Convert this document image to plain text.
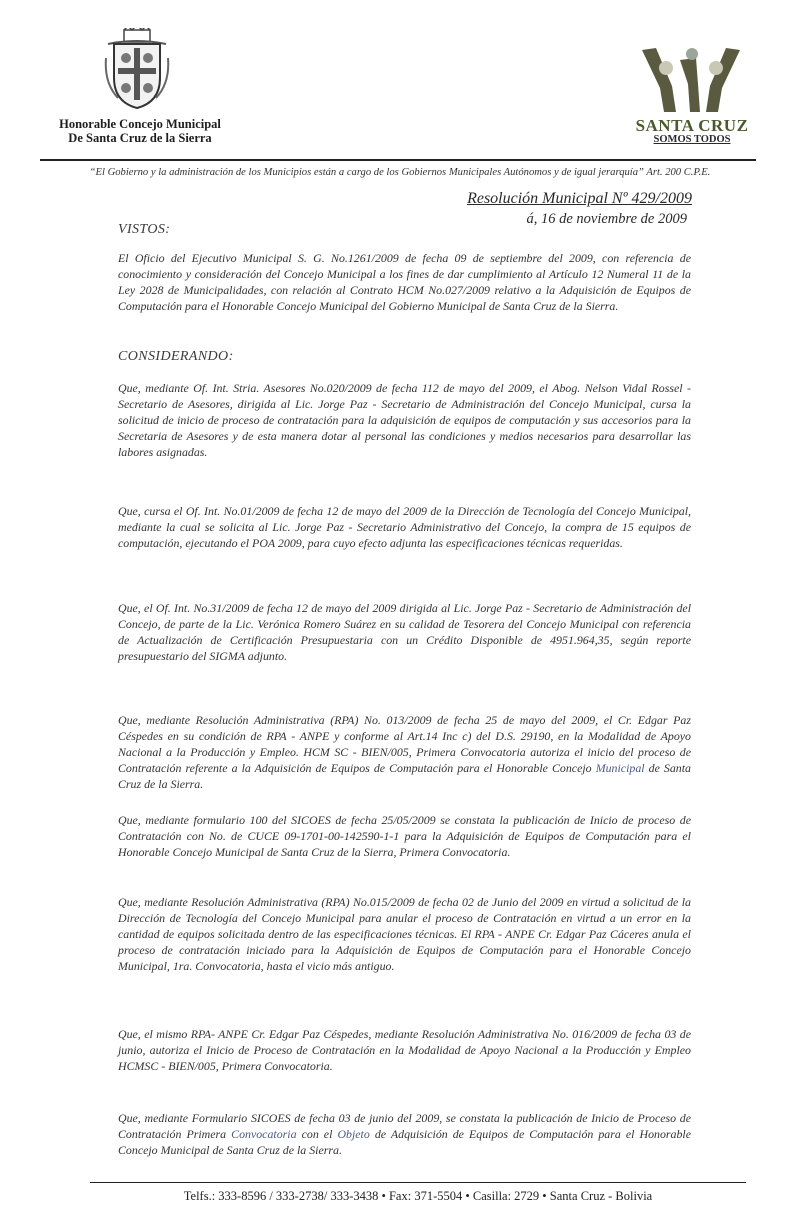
Honorable Concejo Municipal
De Santa Cruz de la Sierra
SANTA CRUZ
SOMOS TODOS
“El Gobierno y la administración de los Municipios están a cargo de los Gobiernos Municipales Autónomos y de igual jerarquía” Art. 200 C.P.E.
Resolución Municipal Nº 429/2009
á, 16 de noviembre de 2009
VISTOS:
El Oficio del Ejecutivo Municipal S. G. No.1261/2009 de fecha 09 de septiembre del 2009, con referencia de conocimiento y consideración del Concejo Municipal a los fines de dar cumplimiento al Artículo 12 Numeral 11 de la Ley 2028 de Municipalidades, con relación al Contrato HCM No.027/2009 relativo a la Adquisición de Equipos de Computación para el Honorable Concejo Municipal del Gobierno Municipal de Santa Cruz de la Sierra.
CONSIDERANDO:
Que, mediante Of. Int. Stria. Asesores No.020/2009 de fecha 112 de mayo del 2009, el Abog. Nelson Vidal Rossel - Secretario de Asesores, dirigida al Lic. Jorge Paz - Secretario de Administración del Concejo Municipal, cursa la solicitud de inicio de proceso de contratación para la adquisición de equipos de computación y sus accesorios para la Secretaria de Asesores y de esta manera dotar al personal las condiciones y medios necesarios para desarrollar las labores asignadas.
Que, cursa el Of. Int. No.01/2009 de fecha 12 de mayo del 2009 de la Dirección de Tecnología del Concejo Municipal, mediante la cual se solicita al Lic. Jorge Paz - Secretario Administrativo del Concejo, la compra de 15 equipos de computación, ejecutando el POA 2009, para cuyo efecto adjunta las especificaciones técnicas requeridas.
Que, el Of. Int. No.31/2009 de fecha 12 de mayo del 2009 dirigida al Lic. Jorge Paz - Secretario de Administración del Concejo, de parte de la Lic. Verónica Romero Suárez en su calidad de Tesorera del Concejo Municipal con referencia de Actualización de Certificación Presupuestaria con un Crédito Disponible de 4951.964,35, según reporte presupuestario del SIGMA adjunto.
Que, mediante Resolución Administrativa (RPA) No. 013/2009 de fecha 25 de mayo del 2009, el Cr. Edgar Paz Céspedes en su condición de RPA - ANPE y conforme al Art.14 Inc c) del D.S. 29190, en la Modalidad de Apoyo Nacional a la Producción y Empleo. HCM SC - BIEN/005, Primera Convocatoria autoriza el inicio del proceso de Contratación referente a la Adquisición de Equipos de Computación para el Honorable Concejo Municipal de Santa Cruz de la Sierra.
Que, mediante formulario 100 del SICOES de fecha 25/05/2009 se constata la publicación de Inicio de proceso de Contratación con No. de CUCE 09-1701-00-142590-1-1 para la Adquisición de Equipos de Computación para el Honorable Concejo Municipal de Santa Cruz de la Sierra, Primera Convocatoria.
Que, mediante Resolución Administrativa (RPA) No.015/2009 de fecha 02 de Junio del 2009 en virtud a solicitud de la Dirección de Tecnología del Concejo Municipal para anular el proceso de Contratación en virtud a un error en la cantidad de equipos solicitada dentro de las especificaciones técnicas. El RPA - ANPE Cr. Edgar Paz Cáceres anula el proceso de contratación iniciado para la Adquisición de Equipos de Computación para el Honorable Concejo Municipal, 1ra. Convocatoria, hasta el vicio más antiguo.
Que, el mismo RPA- ANPE Cr. Edgar Paz Céspedes, mediante Resolución Administrativa No. 016/2009 de fecha 03 de junio, autoriza el Inicio de Proceso de Contratación en la Modalidad de Apoyo Nacional a la Producción y Empleo HCMSC - BIEN/005, Primera Convocatoria.
Que, mediante Formulario SICOES de fecha 03 de junio del 2009, se constata la publicación de Inicio de Proceso de Contratación Primera Convocatoria con el Objeto de Adquisición de Equipos de Computación para el Honorable Concejo Municipal de Santa Cruz de la Sierra.
Telfs.: 333-8596 / 333-2738/ 333-3438 • Fax: 371-5504 • Casilla: 2729 • Santa Cruz - Bolivia
